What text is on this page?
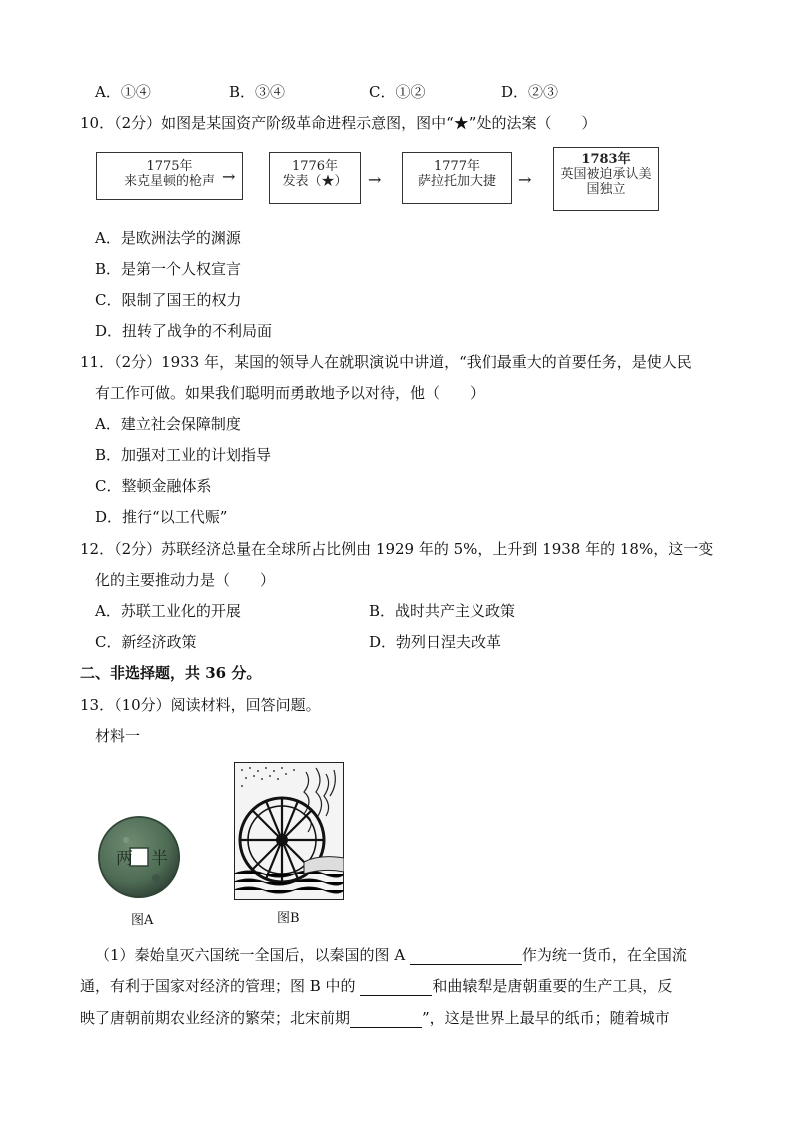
A．①④	B．③④	C．①②	D．②③
10．（2分）如图是某国资产阶级革命进程示意图，图中“★”处的法案（　　）
1775年
来克星顿的枪声 →
1776年
发表（★）	→
1777年
萨拉托加大捷	→
1783年
英国被迫承认美国独立
A．是欧洲法学的渊源
B．是第一个人权宣言
C．限制了国王的权力
D．扭转了战争的不利局面
11．（2分）1933 年，某国的领导人在就职演说中讲道，“我们最重大的首要任务，是使人民
有工作可做。如果我们聪明而勇敢地予以对待，他（　　）
A．建立社会保障制度
B．加强对工业的计划指导
C．整顿金融体系
D．推行“以工代赈”
12．（2分）苏联经济总量在全球所占比例由 1929 年的 5%，上升到 1938 年的 18%，这一变
化的主要推动力是（　　）
A．苏联工业化的开展	B．战时共产主义政策
C．新经济政策	D．勃列日涅夫改革
二、非选择题，共 36 分。
13．（10分）阅读材料，回答问题。
材料一
两 半
图A	图B
（1）秦始皇灭六国统一全国后，以秦国的图 A	作为统一货币，在全国流
通，有利于国家对经济的管理；图 B 中的	和曲辕犁是唐朝重要的生产工具，反
映了唐朝前期农业经济的繁荣；北宋前期	”，这是世界上最早的纸币；随着城市
